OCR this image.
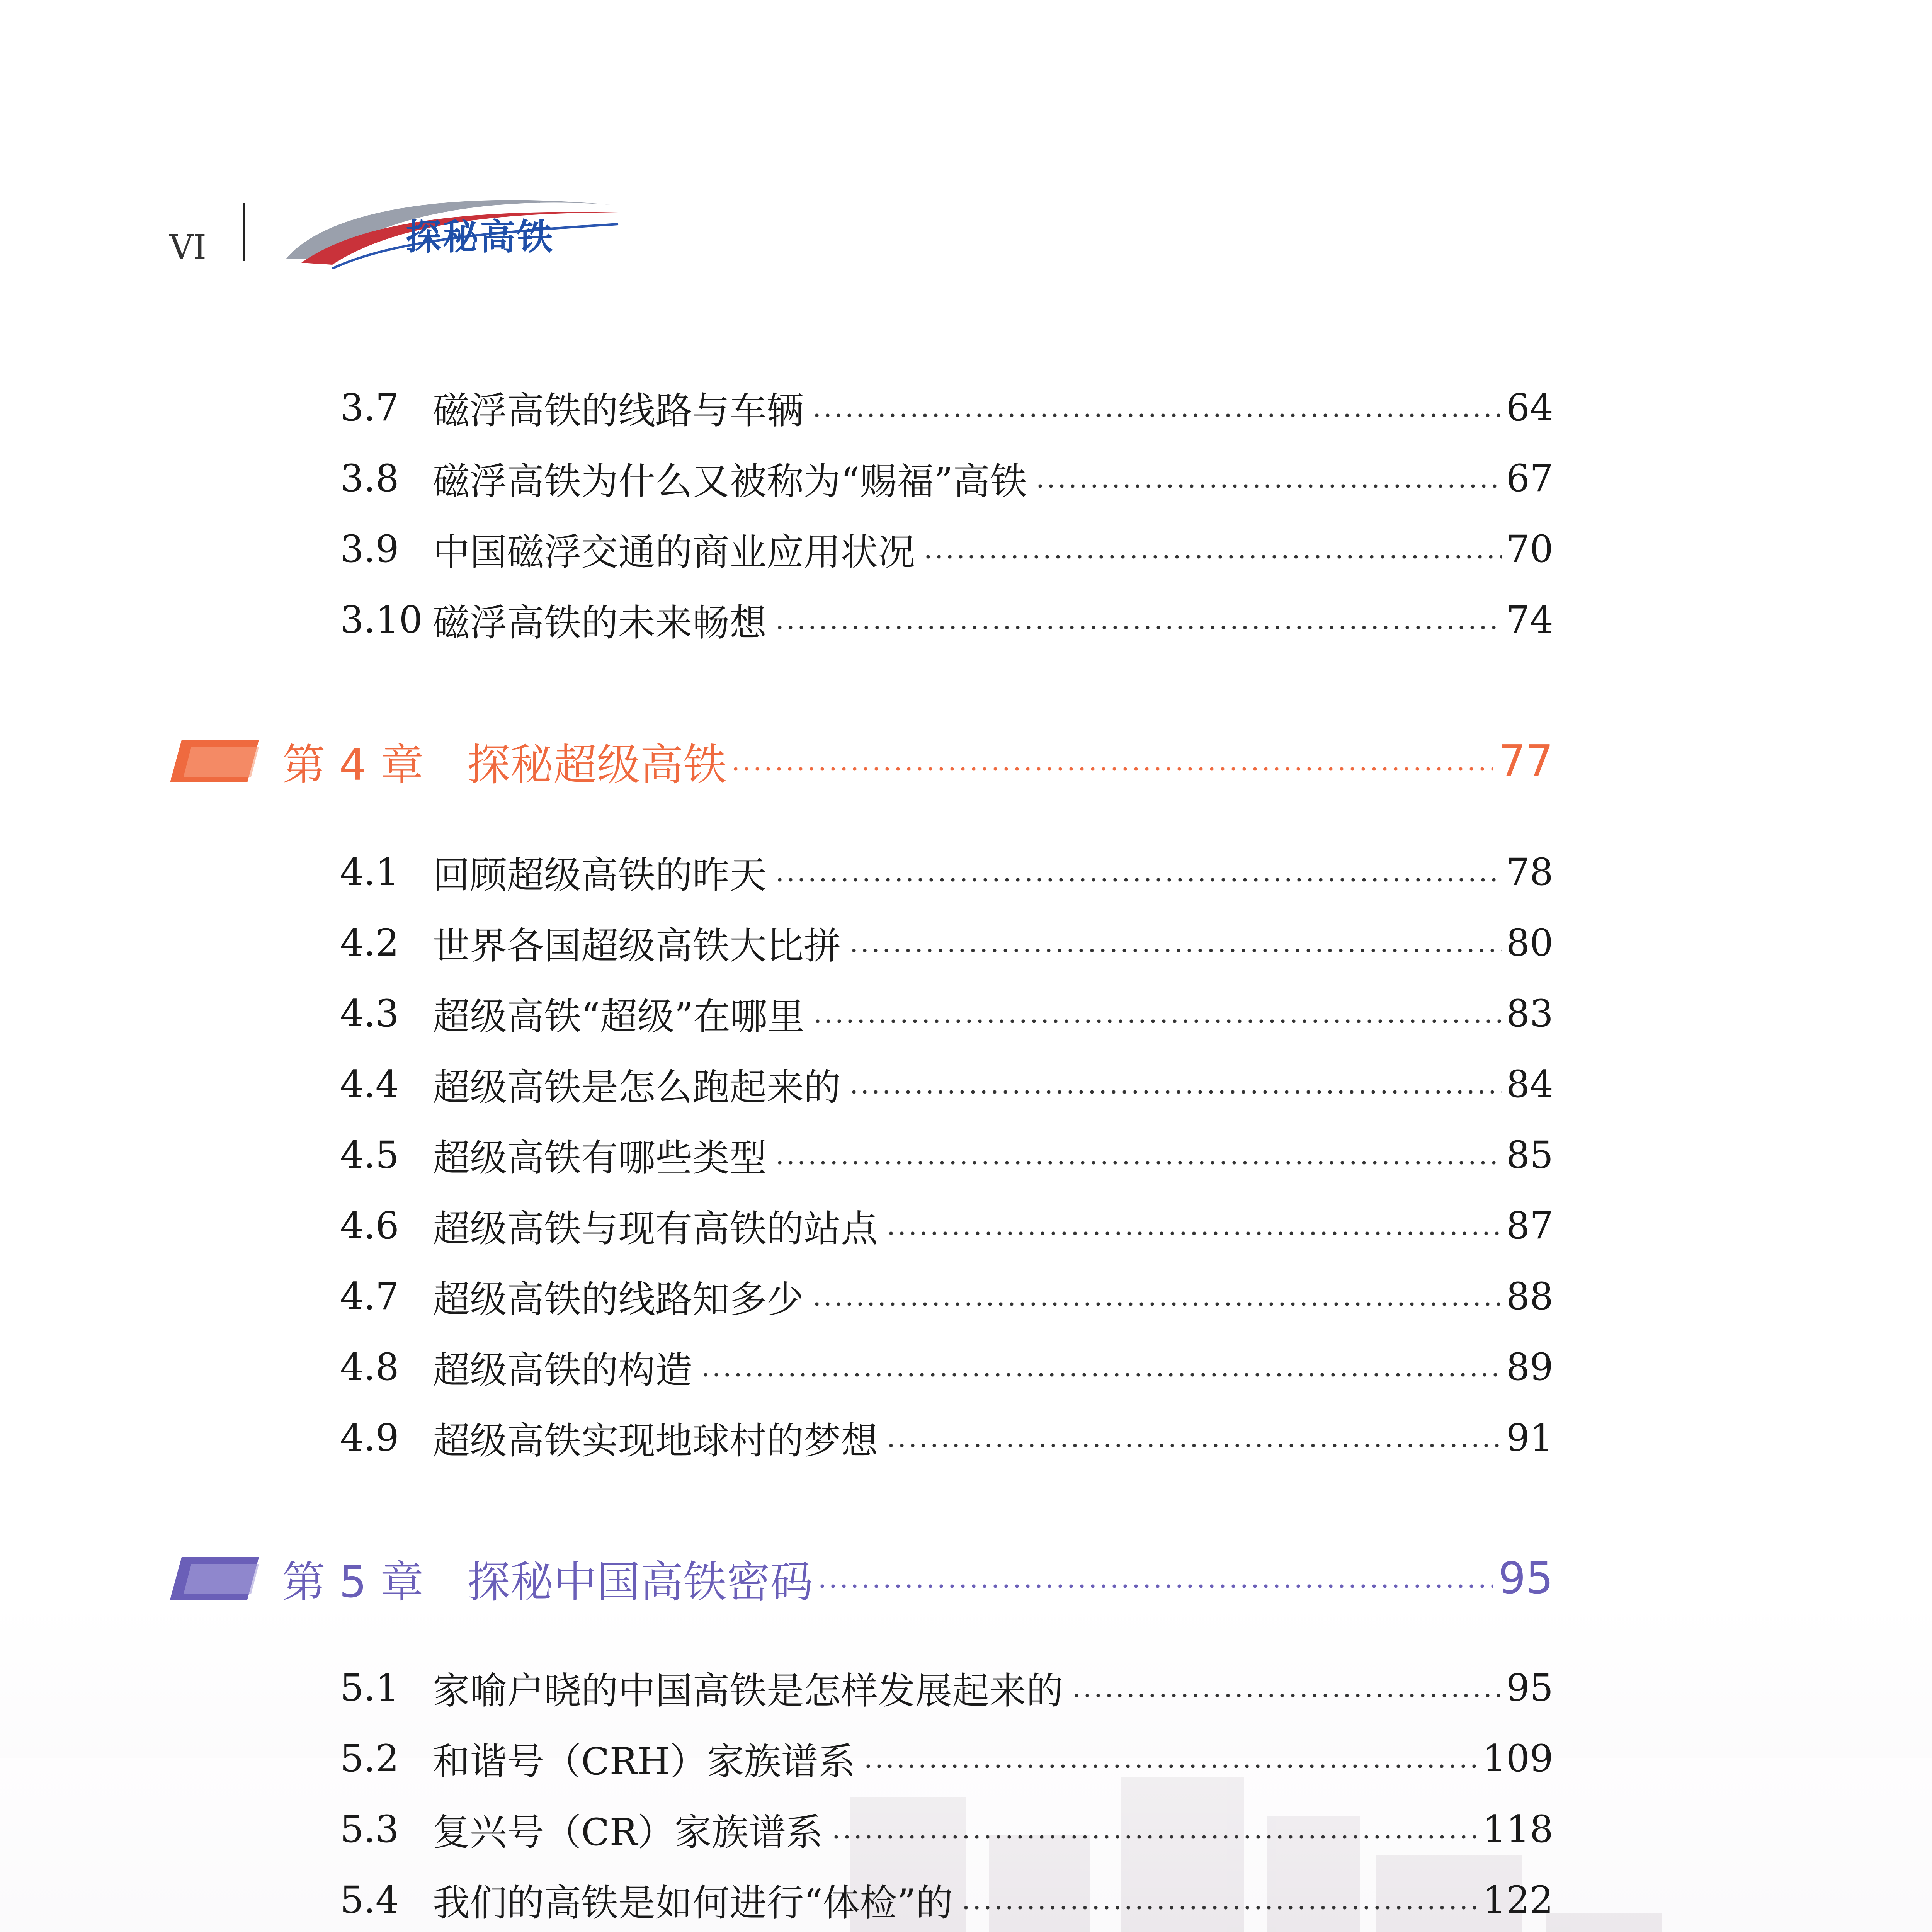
VI	探秘高铁
3.7 磁浮高铁的线路与车辆	64
3.8 磁浮高铁为什么又被称为“赐福”高铁	67
3.9 中国磁浮交通的商业应用状况	70
3.10 磁浮高铁的未来畅想	74
第 4 章　探秘超级高铁	77
4.1 回顾超级高铁的昨天	78
4.2 世界各国超级高铁大比拼	80
4.3 超级高铁“超级”在哪里	83
4.4 超级高铁是怎么跑起来的	84
4.5 超级高铁有哪些类型	85
4.6 超级高铁与现有高铁的站点	87
4.7 超级高铁的线路知多少	88
4.8 超级高铁的构造	89
4.9 超级高铁实现地球村的梦想	91
第 5 章　探秘中国高铁密码	95
5.1 家喻户晓的中国高铁是怎样发展起来的	95
5.2 和谐号（CRH）家族谱系	109
5.3 复兴号（CR）家族谱系	118
5.4 我们的高铁是如何进行“体检”的	122
